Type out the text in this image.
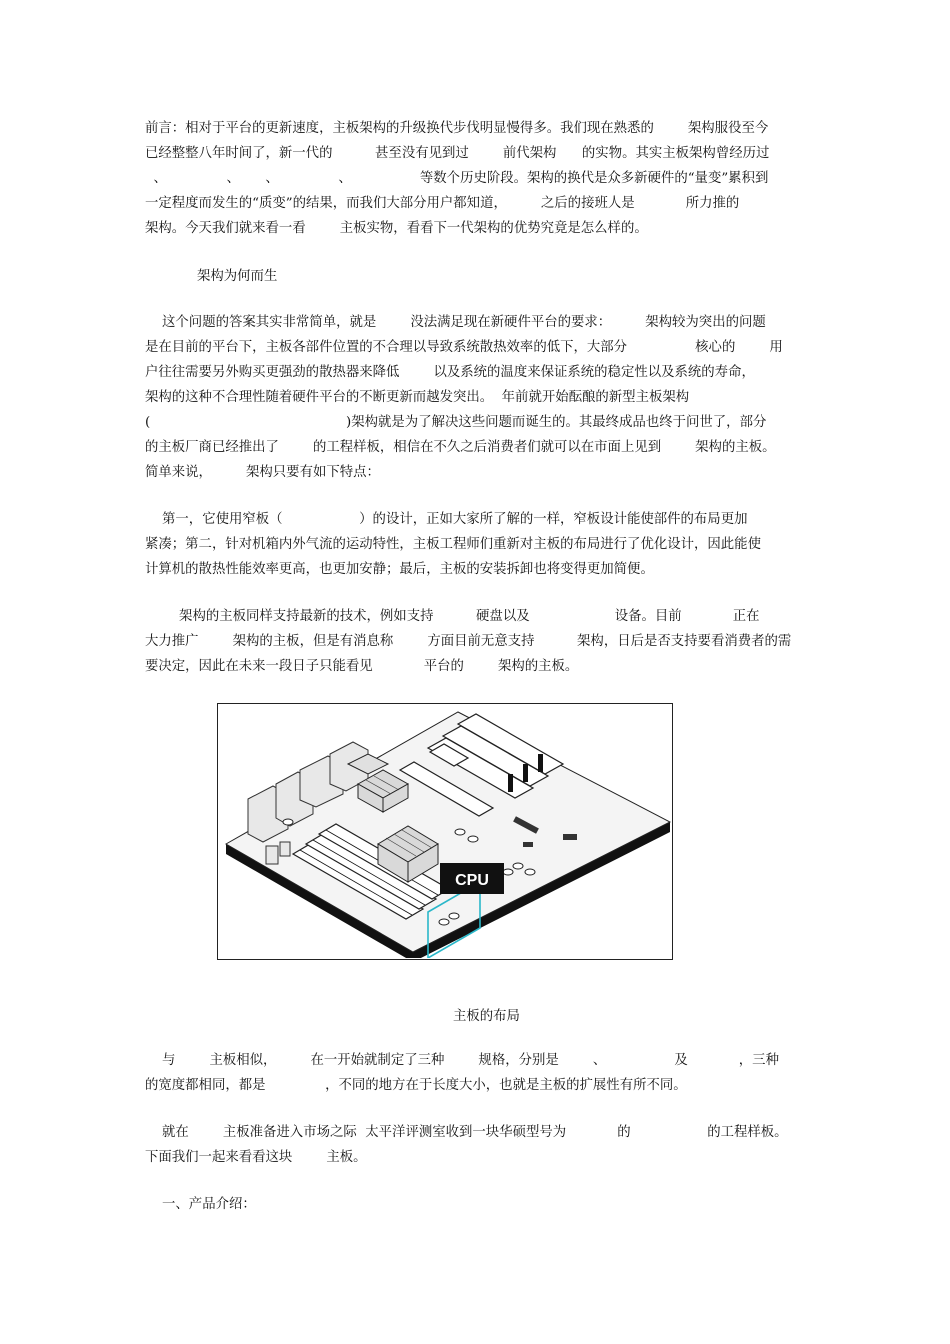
前言：相对于平台的更新速度，主板架构的升级换代步伐明显慢得多。我们现在熟悉的        架构服役至今
已经整整八年时间了，新一代的          甚至没有见到过        前代架构      的实物。其实主板架构曾经历过
、              、      、              、                等数个历史阶段。架构的换代是众多新硬件的“量变”累积到
一定程度而发生的“质变”的结果，而我们大部分用户都知道，        之后的接班人是            所力推的
架构。今天我们就来看一看        主板实物，看看下一代架构的优势究竟是怎么样的。
架构为何而生
这个问题的答案其实非常简单，就是        没法满足现在新硬件平台的要求：        架构较为突出的问题
是在目前的平台下，主板各部件位置的不合理以导致系统散热效率的低下，大部分                核心的        用
户往往需要另外购买更强劲的散热器来降低        以及系统的温度来保证系统的稳定性以及系统的寿命，
架构的这种不合理性随着硬件平台的不断更新而越发突出。  年前就开始酝酿的新型主板架构
(                                              )架构就是为了解决这些问题而诞生的。其最终成品也终于问世了，部分
的主板厂商已经推出了        的工程样板，相信在不久之后消费者们就可以在市面上见到        架构的主板。
简单来说，        架构只要有如下特点：
第一，它使用窄板（                  ）的设计，正如大家所了解的一样，窄板设计能使部件的布局更加
紧凑；第二，针对机箱内外气流的运动特性，主板工程师们重新对主板的布局进行了优化设计，因此能使
计算机的散热性能效率更高，也更加安静；最后，主板的安装拆卸也将变得更加简便。
架构的主板同样支持最新的技术，例如支持          硬盘以及                    设备。目前            正在
大力推广        架构的主板，但是有消息称        方面目前无意支持          架构，日后是否支持要看消费者的需
要决定，因此在未来一段日子只能看见            平台的        架构的主板。
CPU
主板的布局
与        主板相似，        在一开始就制定了三种        规格，分别是        、                及            ，三种
的宽度都相同，都是              ，不同的地方在于长度大小，也就是主板的扩展性有所不同。
就在        主板准备进入市场之际  太平洋评测室收到一块华硕型号为            的                  的工程样板。
下面我们一起来看看这块        主板。
一、产品介绍：
